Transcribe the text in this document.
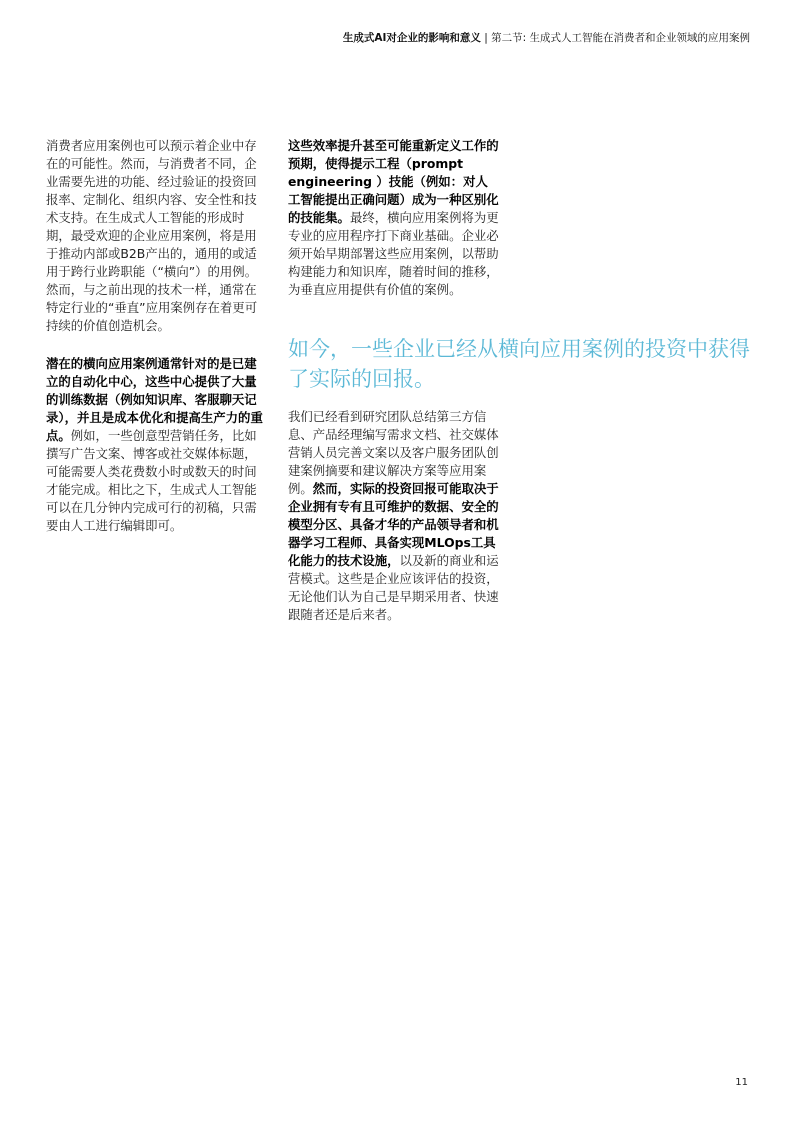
生成式AI对企业的影响和意义 | 第二节: 生成式人工智能在消费者和企业领域的应用案例

消费者应用案例也可以预示着企业中存在的可能性。然而，与消费者不同，企业需要先进的功能、经过验证的投资回报率、定制化、组织内容、安全性和技术支持。在生成式人工智能的形成时期，最受欢迎的企业应用案例，将是用于推动内部或B2B产出的，通用的或适用于跨行业跨职能（“横向”）的用例。然而，与之前出现的技术一样，通常在特定行业的“垂直”应用案例存在着更可持续的价值创造机会。

潜在的横向应用案例通常针对的是已建立的自动化中心，这些中心提供了大量的训练数据（例如知识库、客服聊天记录），并且是成本优化和提高生产力的重点。例如，一些创意型营销任务，比如撰写广告文案、博客或社交媒体标题，可能需要人类花费数小时或数天的时间才能完成。相比之下，生成式人工智能可以在几分钟内完成可行的初稿，只需要由人工进行编辑即可。

这些效率提升甚至可能重新定义工作的预期，使得提示工程（prompt engineering ）技能（例如：对人工智能提出正确问题）成为一种区别化的技能集。最终，横向应用案例将为更专业的应用程序打下商业基础。企业必须开始早期部署这些应用案例，以帮助构建能力和知识库，随着时间的推移，为垂直应用提供有价值的案例。

如今，一些企业已经从横向应用案例的投资中获得了实际的回报。

我们已经看到研究团队总结第三方信息、产品经理编写需求文档、社交媒体营销人员完善文案以及客户服务团队创建案例摘要和建议解决方案等应用案例。然而，实际的投资回报可能取决于企业拥有专有且可维护的数据、安全的模型分区、具备才华的产品领导者和机器学习工程师、具备实现MLOps工具化能力的技术设施，以及新的商业和运营模式。这些是企业应该评估的投资，无论他们认为自己是早期采用者、快速跟随者还是后来者。

11
